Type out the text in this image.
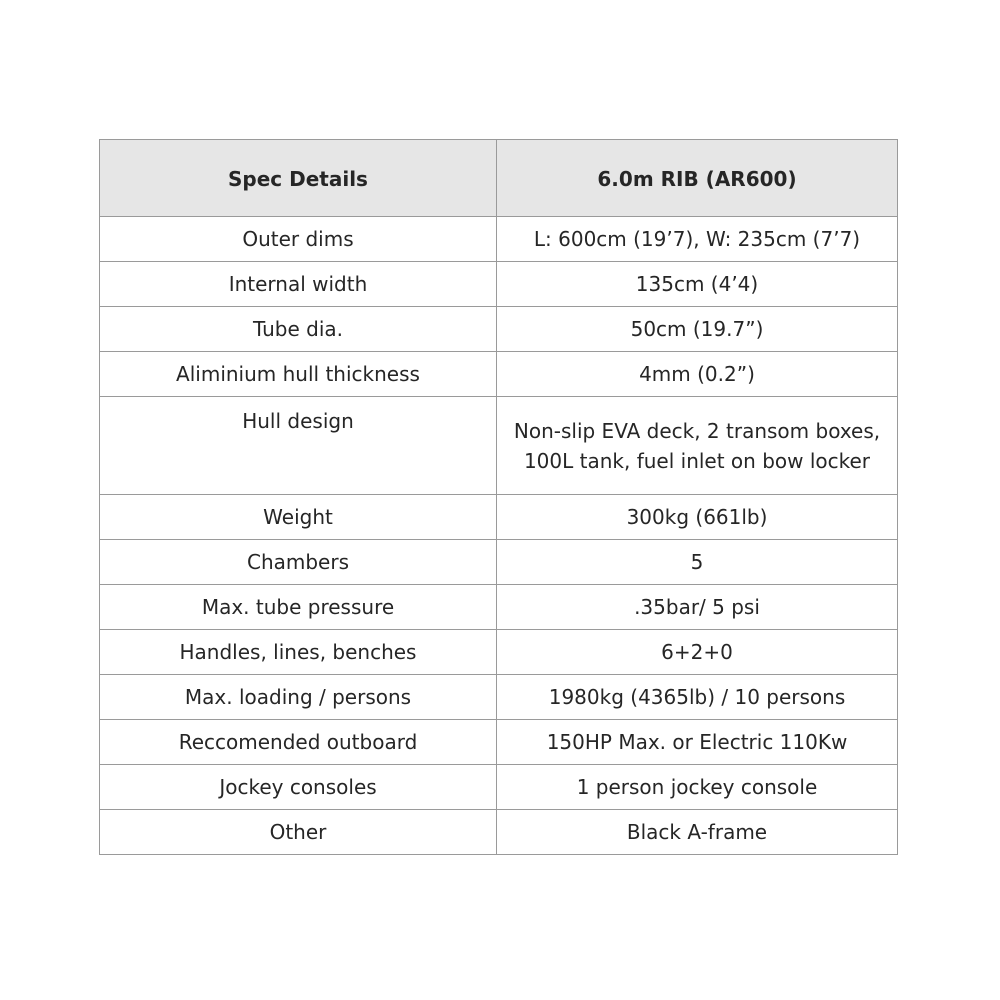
Spec Details	6.0m RIB (AR600)
Outer dims	L: 600cm (19’7), W: 235cm (7’7)

Internal width	135cm (4’4)

Tube dia.	50cm (19.7”)

Aliminium hull thickness	4mm (0.2”)

Hull design	Non-slip EVA deck, 2 transom boxes,
100L tank, fuel inlet on bow locker

Weight	300kg (661lb)

Chambers	5

Max. tube pressure	.35bar/ 5 psi

Handles, lines, benches	6+2+0

Max. loading / persons	1980kg (4365lb) / 10 persons

Reccomended outboard	150HP Max. or Electric 110Kw

Jockey consoles	1 person jockey console

Other	Black A-frame
